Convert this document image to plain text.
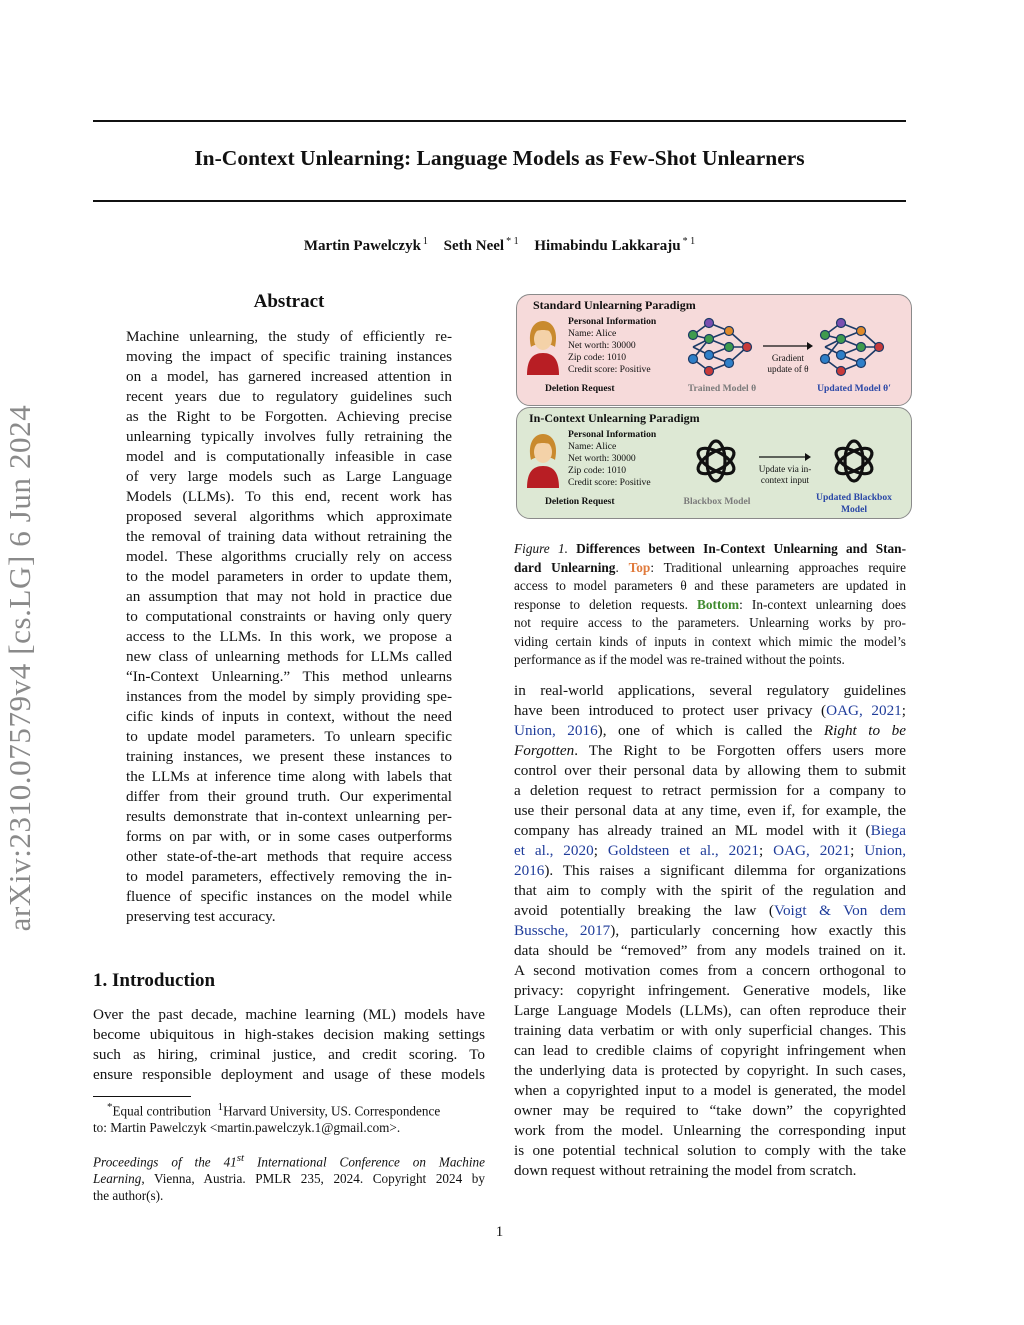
In-Context Unlearning: Language Models as Few-Shot Unlearners
Martin Pawelczyk $^1$ Seth Neel $^{* 1}$ Himabindu Lakkaraju $^{* 1}$
arXiv:2310.07579v4 [cs.LG] 6 Jun 2024
Abstract
Machine unlearning, the study of efficiently re-
moving the impact of specific training instances
on a model, has garnered increased attention in
recent years due to regulatory guidelines such
as the Right to be Forgotten. Achieving precise
unlearning typically involves fully retraining the
model and is computationally infeasible in case
of very large models such as Large Language
Models (LLMs). To this end, recent work has
proposed several algorithms which approximate
the removal of training data without retraining the
model. These algorithms crucially rely on access
to the model parameters in order to update them,
an assumption that may not hold in practice due
to computational constraints or having only query
access to the LLMs. In this work, we propose a
new class of unlearning methods for LLMs called
“In-Context Unlearning.” This method unlearns
instances from the model by simply providing spe-
cific kinds of inputs in context, without the need
to update model parameters. To unlearn specific
training instances, we present these instances to
the LLMs at inference time along with labels that
differ from their ground truth. Our experimental
results demonstrate that in-context unlearning per-
forms on par with, or in some cases outperforms
other state-of-the-art methods that require access
to model parameters, effectively removing the in-
fluence of specific instances on the model while
preserving test accuracy.
1. Introduction
Over the past decade, machine learning (ML) models have
become ubiquitous in high-stakes decision making settings
such as hiring, criminal justice, and credit scoring. To
ensure responsible deployment and usage of these models
*Equal contribution $^1$Harvard University, US. Correspondence
to: Martin Pawelczyk <martin.pawelczyk.1@gmail.com>.
Proceedings of the 41st International Conference on Machine
Learning, Vienna, Austria. PMLR 235, 2024. Copyright 2024 by
the author(s).
Standard Unlearning Paradigm
Personal Information
Name: Alice
Net worth: 30000
Zip code: 1010
Credit score: Positive
Deletion Request
Gradient
update of θ
Trained Model θ	Updated Model θ′
In-Context Unlearning Paradigm
Personal Information
Name: Alice
Net worth: 30000
Zip code: 1010
Credit score: Positive
Deletion Request
Update via in-
context input
Blackbox Model	Updated Blackbox
Model
Figure 1. Differences between In-Context Unlearning and Stan-
dard Unlearning. Top: Traditional unlearning approaches require
access to model parameters θ and these parameters are updated in
response to deletion requests. Bottom: In-context unlearning does
not require access to the parameters. Unlearning works by pro-
viding certain kinds of inputs in context which mimic the model’s
performance as if the model was re-trained without the points.
in real-world applications, several regulatory guidelines
have been introduced to protect user privacy (OAG, 2021;
Union, 2016), one of which is called the Right to be
Forgotten. The Right to be Forgotten offers users more
control over their personal data by allowing them to submit
a deletion request to retract permission for a company to
use their personal data at any time, even if, for example, the
company has already trained an ML model with it (Biega
et al., 2020; Goldsteen et al., 2021; OAG, 2021; Union,
2016). This raises a significant dilemma for organizations
that aim to comply with the spirit of the regulation and
avoid potentially breaking the law (Voigt & Von dem
Bussche, 2017), particularly concerning how exactly this
data should be “removed” from any models trained on it.
A second motivation comes from a concern orthogonal to
privacy: copyright infringement. Generative models, like
Large Language Models (LLMs), can often reproduce their
training data verbatim or with only superficial changes. This
can lead to credible claims of copyright infringement when
the underlying data is protected by copyright. In such cases,
when a copyrighted input to a model is generated, the model
owner may be required to “take down” the copyrighted
work from the model. Unlearning the corresponding input
is one potential technical solution to comply with the take
down request without retraining the model from scratch.
1
